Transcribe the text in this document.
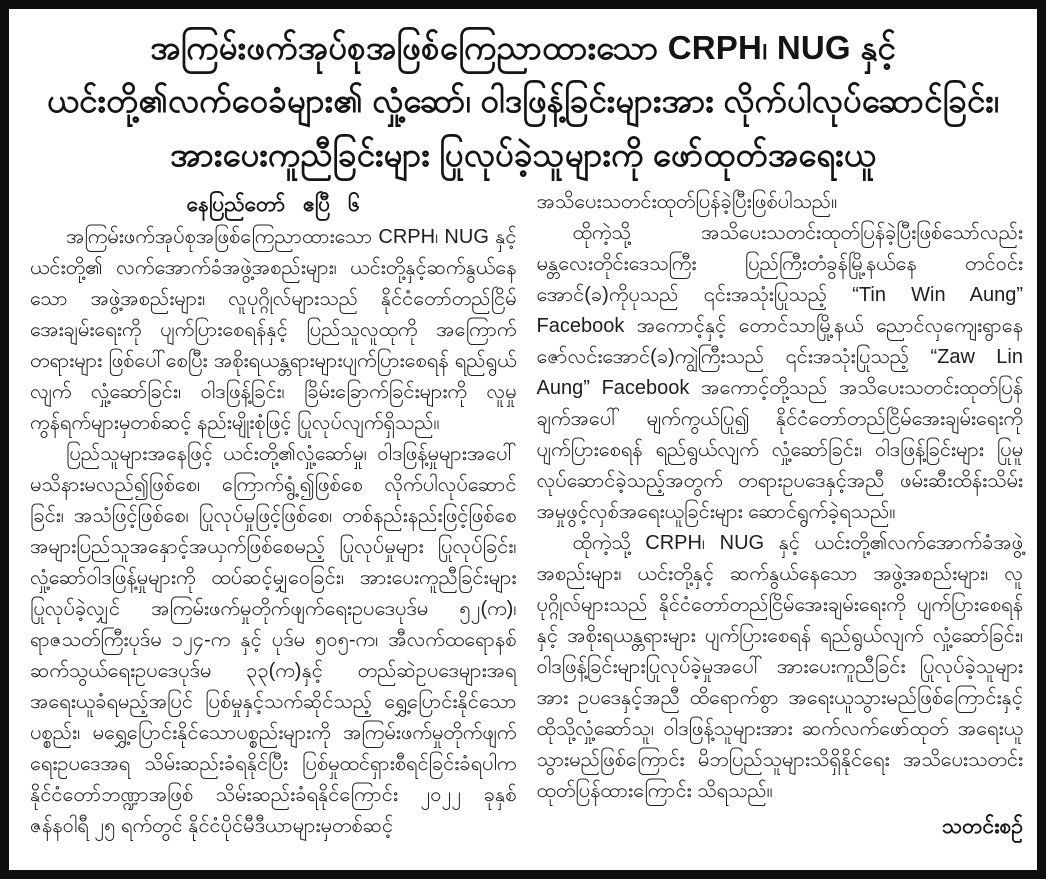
အကြမ်းဖက်အုပ်စုအဖြစ်ကြေညာထားသော CRPH၊ NUG နှင့်
ယင်းတို့၏လက်ဝေခံများ၏ လှုံ့ဆော်၊ ဝါဒဖြန့်ခြင်းများအား လိုက်ပါလုပ်ဆောင်ခြင်း၊
အားပေးကူညီခြင်းများ ပြုလုပ်ခဲ့သူများကို ဖော်ထုတ်အရေးယူ
နေပြည်တော် ဧပြီ ၆

အကြမ်းဖက်အုပ်စုအဖြစ်ကြေညာထားသော CRPH၊ NUG နှင့် ယင်းတို့၏ လက်အောက်ခံအဖွဲ့အစည်းများ၊ ယင်းတို့နှင့်ဆက်နွယ်နေသော အဖွဲ့အစည်းများ၊ လူပုဂ္ဂိုလ်များသည် နိုင်ငံတော်တည်ငြိမ်အေးချမ်းရေးကို ပျက်ပြားစေရန်နှင့် ပြည်သူလူထုကို အကြောက်တရားများ ဖြစ်ပေါ်စေပြီး အစိုးရယန္တရားများပျက်ပြားစေရန် ရည်ရွယ်လျက် လှုံ့ဆော်ခြင်း၊ ဝါဒဖြန့်ခြင်း၊ ခြိမ်းခြောက်ခြင်းများကို လူမှုကွန်ရက်များမှတစ်ဆင့် နည်းမျိုးစုံဖြင့် ပြုလုပ်လျက်ရှိသည်။

ပြည်သူများအနေဖြင့် ယင်းတို့၏လှုံ့ဆော်မှု၊ ဝါဒဖြန့်မှုများအပေါ် မသိနားမလည်၍ဖြစ်စေ၊ ကြောက်ရွံ့၍ဖြစ်စေ လိုက်ပါလုပ်ဆောင်ခြင်း၊ အသံဖြင့်ဖြစ်စေ၊ ပြုလုပ်မှုဖြင့်ဖြစ်စေ၊ တစ်နည်းနည်းဖြင့်ဖြစ်စေ အများပြည်သူအနှောင့်အယှက်ဖြစ်စေမည့် ပြုလုပ်မှုများ ပြုလုပ်ခြင်း၊ လှုံ့ဆော်ဝါဒဖြန့်မှုများကို ထပ်ဆင့်မျှဝေခြင်း၊ အားပေးကူညီခြင်းများ ပြုလုပ်ခဲ့လျှင် အကြမ်းဖက်မှုတိုက်ဖျက်ရေးဥပဒေပုဒ်မ ၅၂(က)၊ ရာဇသတ်ကြီးပုဒ်မ ၁၂၄-က နှင့် ပုဒ်မ ၅၀၅-က၊ အီလက်ထရောနစ်ဆက်သွယ်ရေးဥပဒေပုဒ်မ ၃၃(က)နှင့် တည်ဆဲဥပဒေများအရ အရေးယူခံရမည့်အပြင် ပြစ်မှုနှင့်သက်ဆိုင်သည့် ရွှေ့ပြောင်းနိုင်သောပစ္စည်း၊ မရွှေ့ပြောင်းနိုင်သောပစ္စည်းများကို အကြမ်းဖက်မှုတိုက်ဖျက်ရေးဥပဒေအရ သိမ်းဆည်းခံရနိုင်ပြီး ပြစ်မှုထင်ရှားစီရင်ခြင်းခံရပါက နိုင်ငံတော်ဘဏ္ဍာအဖြစ် သိမ်းဆည်းခံရနိုင်ကြောင်း ၂၀၂၂ ခုနှစ် ဇန်နဝါရီ ၂၅ ရက်တွင် နိုင်ငံပိုင်မီဒီယာများမှတစ်ဆင့်

အသိပေးသတင်းထုတ်ပြန်ခဲ့ပြီးဖြစ်ပါသည်။

ထိုကဲ့သို့ အသိပေးသတင်းထုတ်ပြန်ခဲ့ပြီးဖြစ်သော်လည်း မန္တလေးတိုင်းဒေသကြီး ပြည်ကြီးတံခွန်မြို့နယ်နေ တင်ဝင်းအောင်(ခ)ကိုပုသည် ၎င်းအသုံးပြုသည့် “Tin Win Aung” Facebook အကောင့်နှင့် တောင်သာမြို့နယ် ညောင်လှကျေးရွာနေ ဇော်လင်းအောင်(ခ)ကျွဲကြီးသည် ၎င်းအသုံးပြုသည့် “Zaw Lin Aung” Facebook အကောင့်တို့သည် အသိပေးသတင်းထုတ်ပြန်ချက်အပေါ် မျက်ကွယ်ပြု၍ နိုင်ငံတော်တည်ငြိမ်အေးချမ်းရေးကို ပျက်ပြားစေရန် ရည်ရွယ်လျက် လှုံ့ဆော်ခြင်း၊ ဝါဒဖြန့်ခြင်းများ ပြုမူလုပ်ဆောင်ခဲ့သည့်အတွက် တရားဥပဒေနှင့်အညီ ဖမ်းဆီးထိန်းသိမ်း အမှုဖွင့်လှစ်အရေးယူခြင်းများ ဆောင်ရွက်ခဲ့ရသည်။

ထိုကဲ့သို့ CRPH၊ NUG နှင့် ယင်းတို့၏လက်အောက်ခံအဖွဲ့အစည်းများ၊ ယင်းတို့နှင့် ဆက်နွယ်နေသော အဖွဲ့အစည်းများ၊ လူပုဂ္ဂိုလ်များသည် နိုင်ငံတော်တည်ငြိမ်အေးချမ်းရေးကို ပျက်ပြားစေရန်နှင့် အစိုးရယန္တရားများ ပျက်ပြားစေရန် ရည်ရွယ်လျက် လှုံ့ဆော်ခြင်း၊ ဝါဒဖြန့်ခြင်းများပြုလုပ်ခဲ့မှုအပေါ် အားပေးကူညီခြင်း ပြုလုပ်ခဲ့သူများအား ဥပဒေနှင့်အညီ ထိရောက်စွာ အရေးယူသွားမည်ဖြစ်ကြောင်းနှင့် ထိုသို့လှုံ့ဆော်သူ၊ ဝါဒဖြန့်သူများအား ဆက်လက်ဖော်ထုတ် အရေးယူသွားမည်ဖြစ်ကြောင်း မိဘပြည်သူများသိရှိနိုင်ရေး အသိပေးသတင်းထုတ်ပြန်ထားကြောင်း သိရသည်။

သတင်းစဉ်
